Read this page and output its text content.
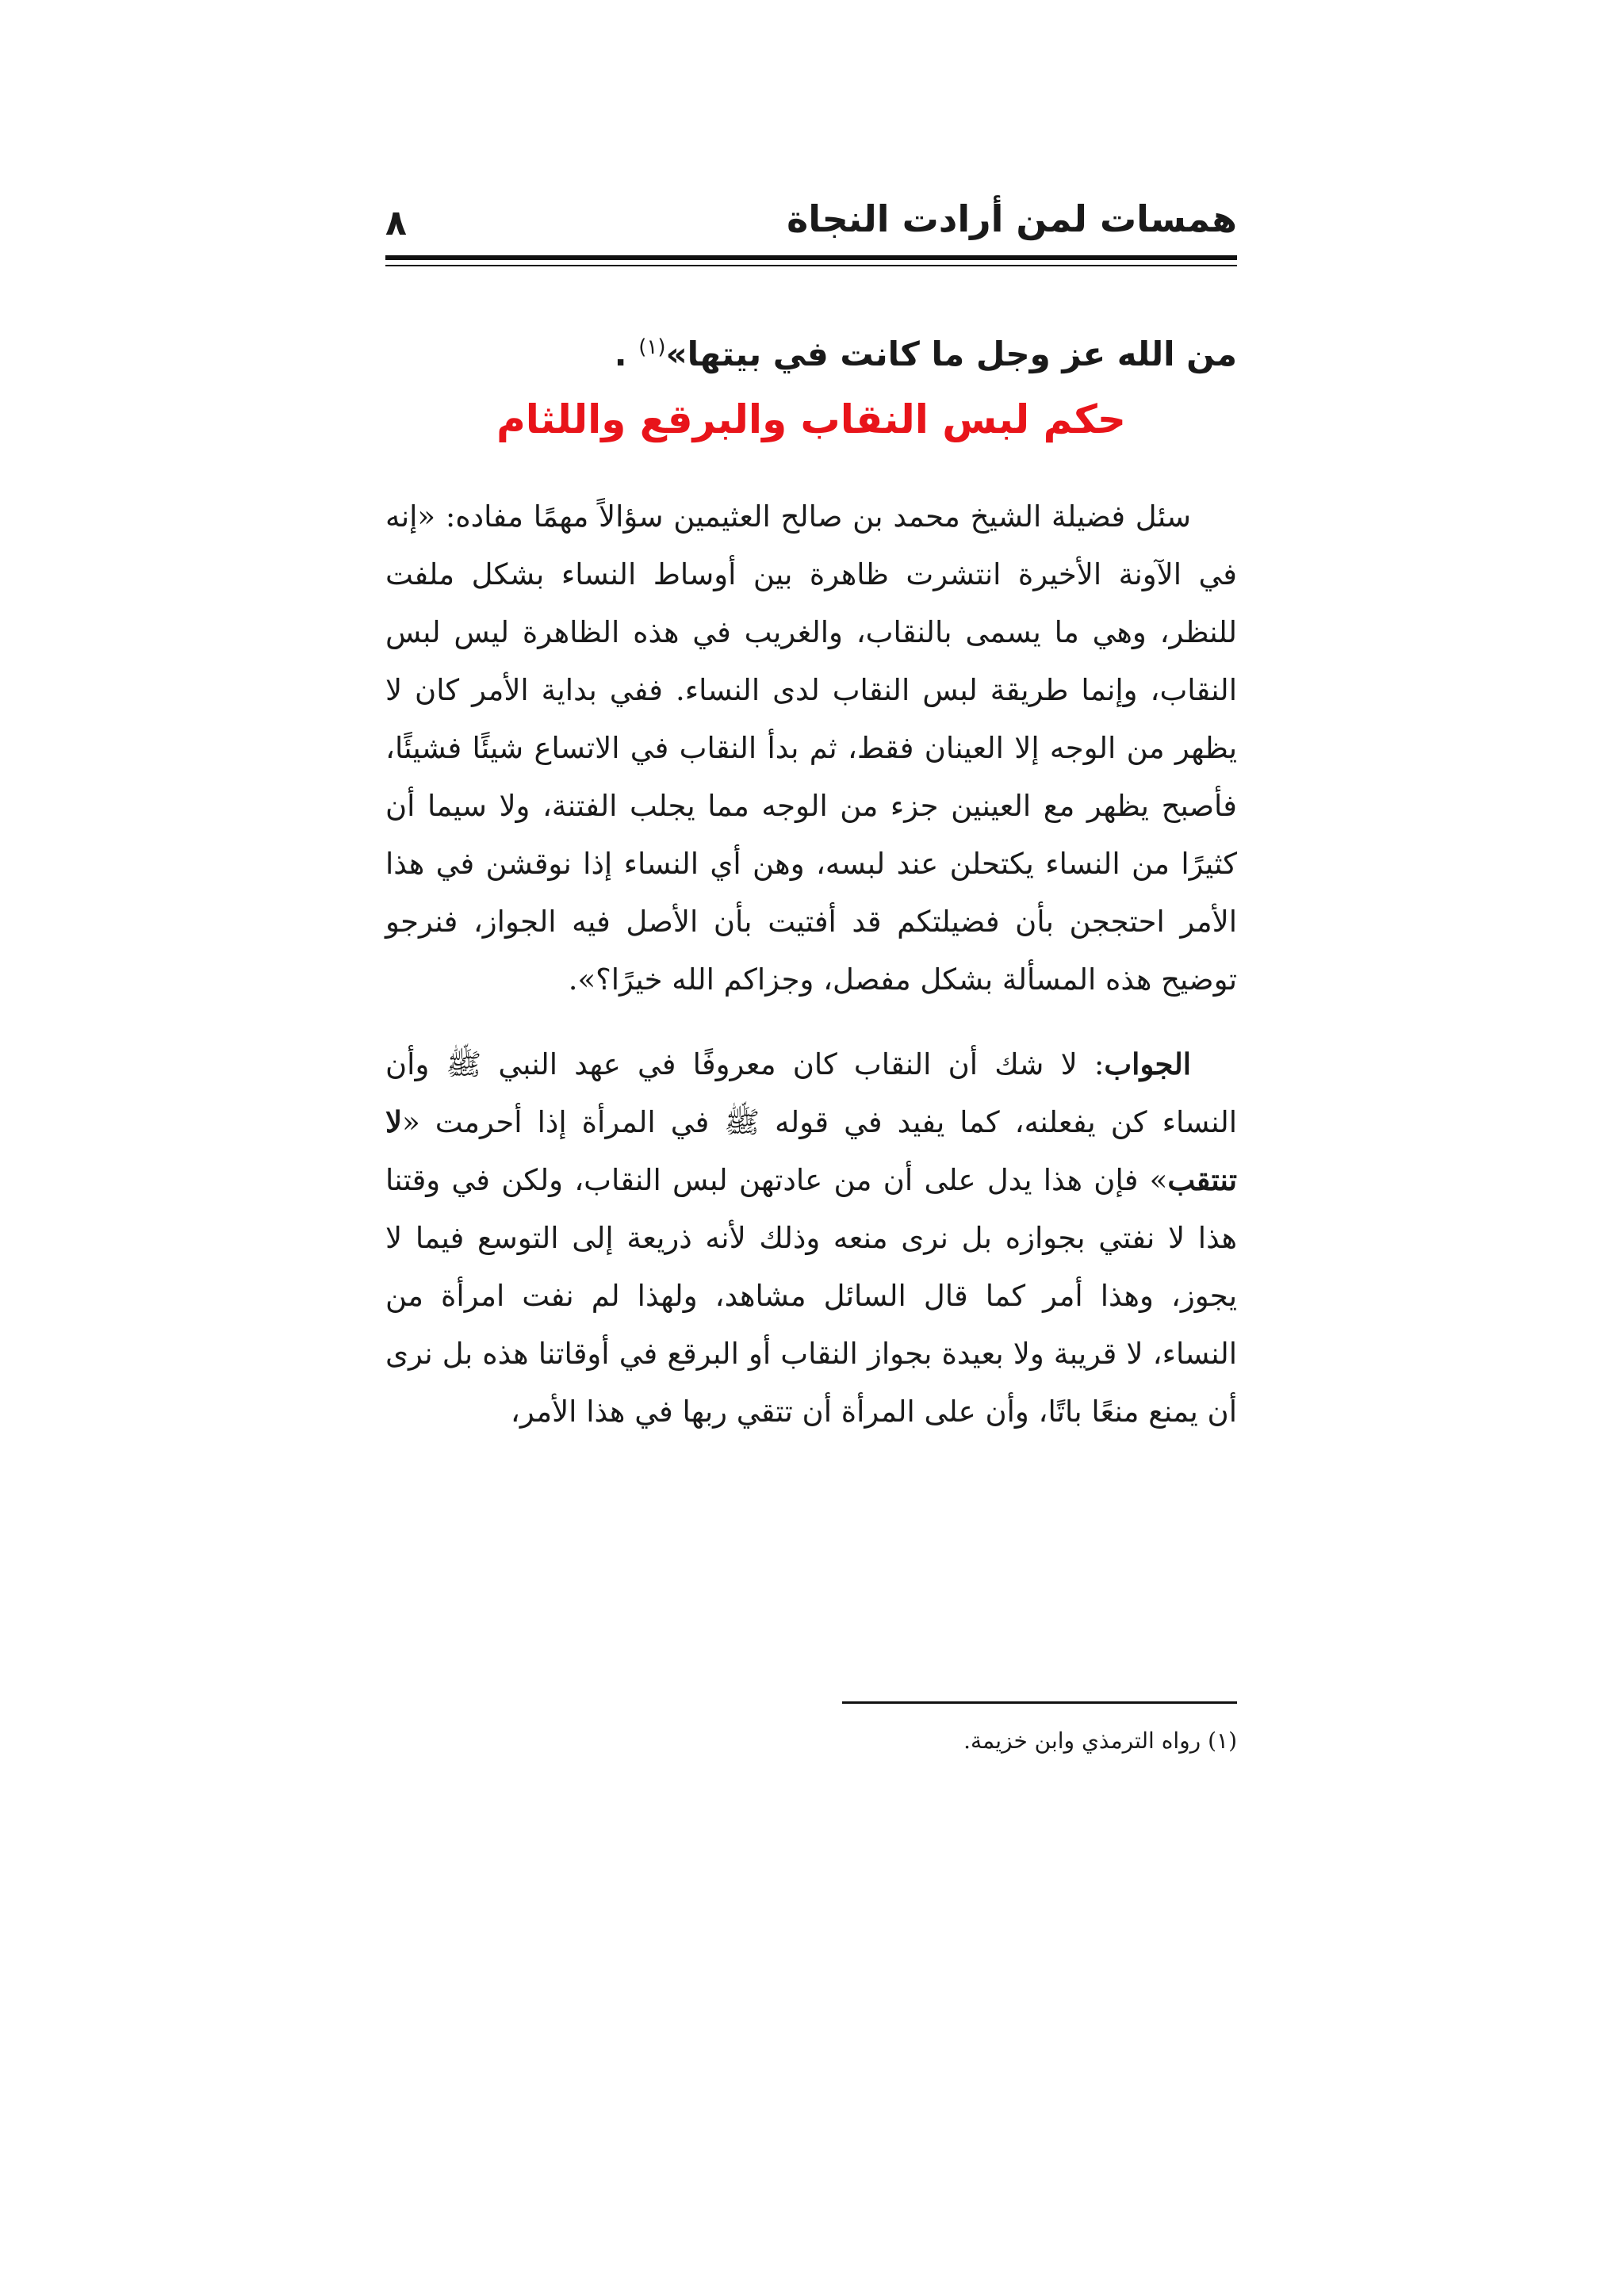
همسات لمن أرادت النجاة
٨

من الله عز وجل ما كانت في بيتها»$^{(١)}$ .

حكم لبس النقاب والبرقع واللثام

سئل فضيلة الشيخ محمد بن صالح العثيمين سؤالاً مهمًا مفاده: «إنه في الآونة الأخيرة انتشرت ظاهرة بين أوساط النساء بشكل ملفت للنظر، وهي ما يسمى بالنقاب، والغريب في هذه الظاهرة ليس لبس النقاب، وإنما طريقة لبس النقاب لدى النساء. ففي بداية الأمر كان لا يظهر من الوجه إلا العينان فقط، ثم بدأ النقاب في الاتساع شيئًا فشيئًا، فأصبح يظهر مع العينين جزء من الوجه مما يجلب الفتنة، ولا سيما أن كثيرًا من النساء يكتحلن عند لبسه، وهن أي النساء إذا نوقشن في هذا الأمر احتججن بأن فضيلتكم قد أفتيت بأن الأصل فيه الجواز، فنرجو توضيح هذه المسألة بشكل مفصل، وجزاكم الله خيرًا؟».

الجواب: لا شك أن النقاب كان معروفًا في عهد النبي ﷺ وأن النساء كن يفعلنه، كما يفيد في قوله ﷺ في المرأة إذا أحرمت «لا تنتقب» فإن هذا يدل على أن من عادتهن لبس النقاب، ولكن في وقتنا هذا لا نفتي بجوازه بل نرى منعه وذلك لأنه ذريعة إلى التوسع فيما لا يجوز، وهذا أمر كما قال السائل مشاهد، ولهذا لم نفت امرأة من النساء، لا قريبة ولا بعيدة بجواز النقاب أو البرقع في أوقاتنا هذه بل نرى أن يمنع منعًا باتًا، وأن على المرأة أن تتقي ربها في هذا الأمر،

(١) رواه الترمذي وابن خزيمة.
